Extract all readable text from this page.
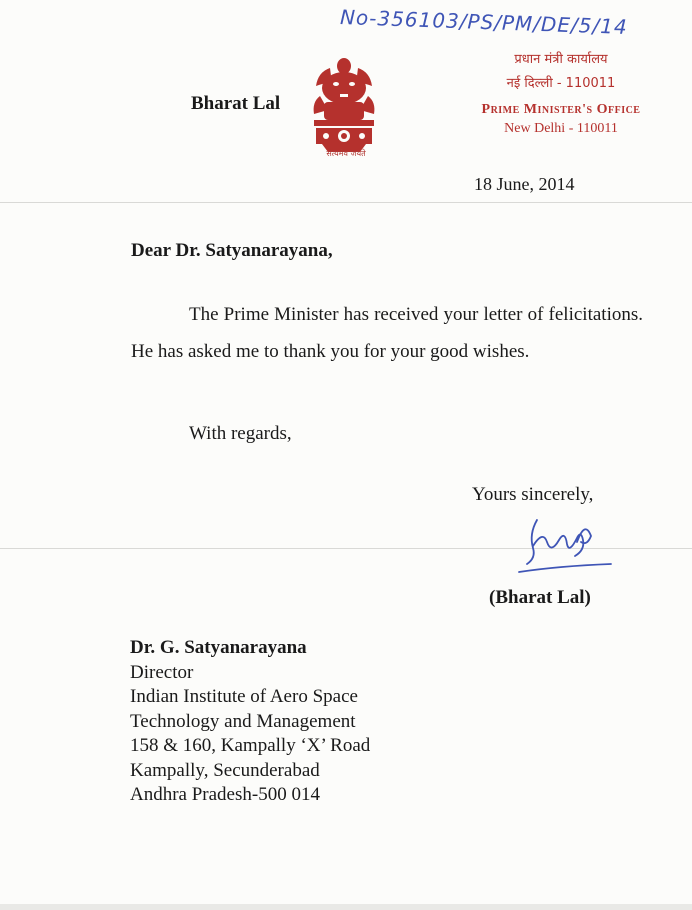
No-356103/PS/PM/DE/5/14
Bharat Lal
सत्यमेव जयते
प्रधान मंत्री कार्यालय
नई दिल्ली - 110011
Prime Minister's Office
New Delhi - 110011
18 June, 2014
Dear Dr. Satyanarayana,
The Prime Minister has received your letter of felicitations. He has asked me to thank you for your good wishes.
With regards,
Yours sincerely,
(Bharat Lal)
Dr. G. Satyanarayana
Director
Indian Institute of Aero Space
Technology and Management
158 & 160, Kampally ‘X’ Road
Kampally, Secunderabad
Andhra Pradesh-500 014
